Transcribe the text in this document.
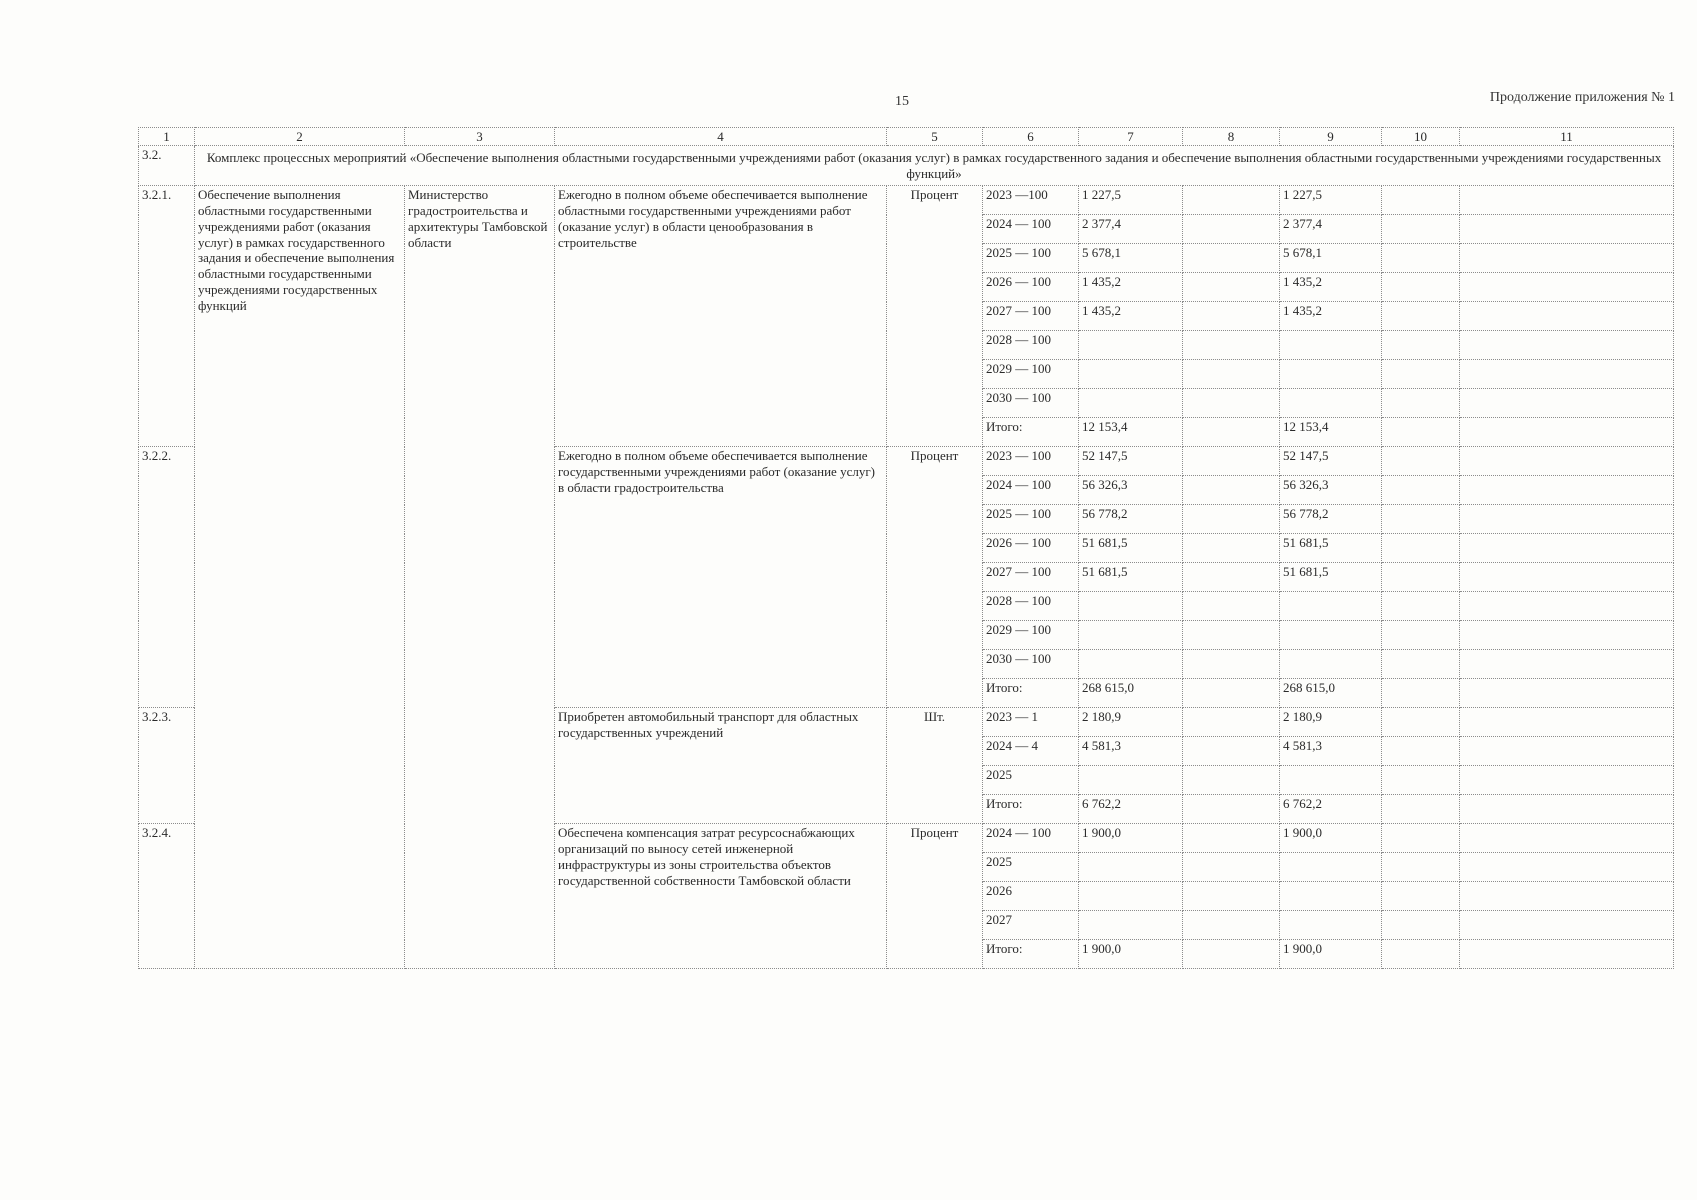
15	Продолжение приложения № 1
1	2	3	4	5	6	7	8	9	10	11
3.2.	Комплекс процессных мероприятий «Обеспечение выполнения областными государственными учреждениями работ (оказания услуг) в рамках государственного задания и обеспечение выполнения областными государственными учреждениями государственных функций»									
3.2.1.	Обеспечение выполнения областными государственными учреждениями работ (оказания услуг) в рамках государственного задания и обеспечение выполнения областными государственными учреждениями государственных функций	Министерство градостроительства и архитектуры Тамбовской области	Ежегодно в полном объеме обеспечивается выполнение областными государственными учреждениями работ (оказание услуг) в области ценообразования в строительстве	Процент	2023 —100	1 227,5		1 227,5		
					2024 — 100	2 377,4		2 377,4		
					2025 — 100	5 678,1		5 678,1		
					2026 — 100	1 435,2		1 435,2		
					2027 — 100	1 435,2		1 435,2		
					2028 — 100					
					2029 — 100					
					2030 — 100					
					Итого:	12 153,4		12 153,4		
3.2.2.			Ежегодно в полном объеме обеспечивается выполнение государственными учреждениями работ (оказание услуг) в области градостроительства	Процент	2023 — 100	52 147,5		52 147,5		
					2024 — 100	56 326,3		56 326,3		
					2025 — 100	56 778,2		56 778,2		
					2026 — 100	51 681,5		51 681,5		
					2027 — 100	51 681,5		51 681,5		
					2028 — 100					
					2029 — 100					
					2030 — 100					
					Итого:	268 615,0		268 615,0		
3.2.3.			Приобретен автомобильный транспорт для областных государственных учреждений	Шт.	2023 — 1	2 180,9		2 180,9		
					2024 — 4	4 581,3		4 581,3		
					2025					
					Итого:	6 762,2		6 762,2		
3.2.4.			Обеспечена компенсация затрат ресурсоснабжающих организаций по выносу сетей инженерной инфраструктуры из зоны строительства объектов государственной собственности Тамбовской области	Процент	2024 — 100	1 900,0		1 900,0		
					2025					
					2026					
					2027					
					Итого:	1 900,0		1 900,0		
